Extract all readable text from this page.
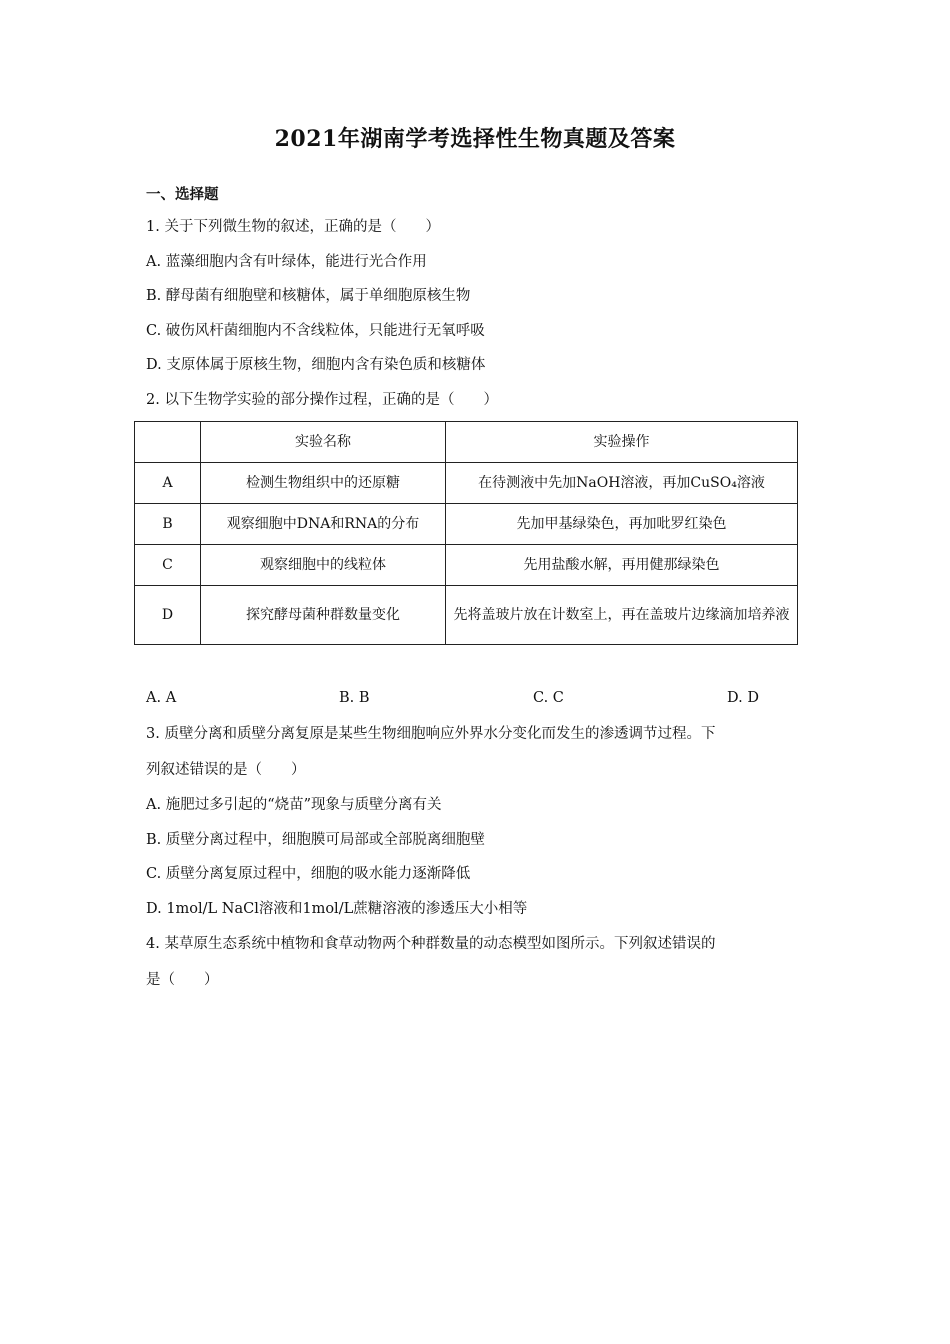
2021年湖南学考选择性生物真题及答案
一、选择题
1. 关于下列微生物的叙述，正确的是（　　）
A. 蓝藻细胞内含有叶绿体，能进行光合作用
B. 酵母菌有细胞壁和核糖体，属于单细胞原核生物
C. 破伤风杆菌细胞内不含线粒体，只能进行无氧呼吸
D. 支原体属于原核生物，细胞内含有染色质和核糖体
2. 以下生物学实验的部分操作过程，正确的是（　　）
	实验名称	实验操作
A	检测生物组织中的还原糖	在待测液中先加NaOH溶液，再加CuSO₄溶液
B	观察细胞中DNA和RNA的分布	先加甲基绿染色，再加吡罗红染色
C	观察细胞中的线粒体	先用盐酸水解，再用健那绿染色
D	探究酵母菌种群数量变化	先将盖玻片放在计数室上，再在盖玻片边缘滴加培养液
A. A	B. B	C. C	D. D
3. 质壁分离和质壁分离复原是某些生物细胞响应外界水分变化而发生的渗透调节过程。下
列叙述错误的是（　　）
A. 施肥过多引起的“烧苗”现象与质壁分离有关
B. 质壁分离过程中，细胞膜可局部或全部脱离细胞壁
C. 质壁分离复原过程中，细胞的吸水能力逐渐降低
D. 1mol/L NaCl溶液和1mol/L蔗糖溶液的渗透压大小相等
4. 某草原生态系统中植物和食草动物两个种群数量的动态模型如图所示。下列叙述错误的
是（　　）
